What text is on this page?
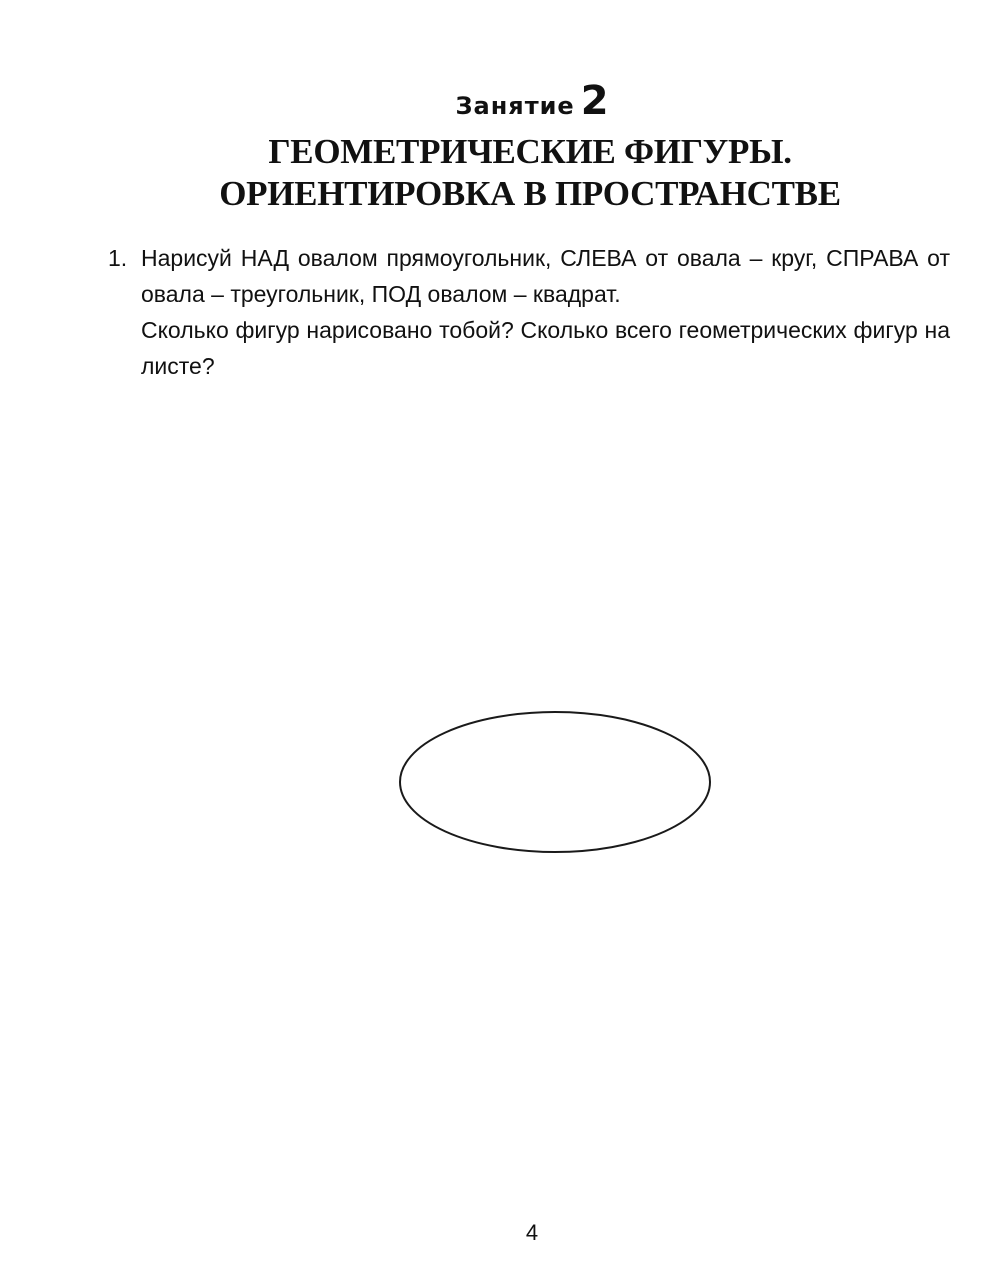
Занятие 2
ГЕОМЕТРИЧЕСКИЕ ФИГУРЫ.
ОРИЕНТИРОВКА В ПРОСТРАНСТВЕ
1. Нарисуй НАД овалом прямоугольник, СЛЕВА от овала – круг, СПРАВА от овала – треугольник, ПОД овалом – квадрат.

Сколько фигур нарисовано тобой? Сколько всего геометрических фигур на листе?

4
